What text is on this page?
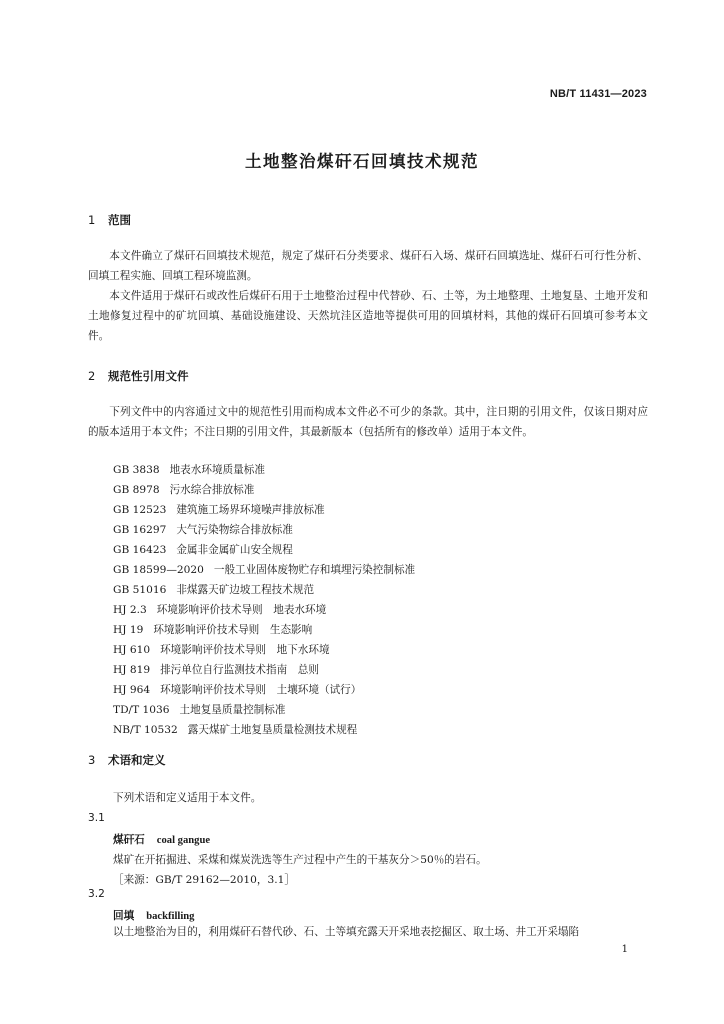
NB/T 11431—2023
土地整治煤矸石回填技术规范
1 范围

本文件确立了煤矸石回填技术规范，规定了煤矸石分类要求、煤矸石入场、煤矸石回填选址、煤矸石可行性分析、回填工程实施、回填工程环境监测。

本文件适用于煤矸石或改性后煤矸石用于土地整治过程中代替砂、石、土等，为土地整理、土地复垦、土地开发和土地修复过程中的矿坑回填、基础设施建设、天然坑洼区造地等提供可用的回填材料，其他的煤矸石回填可参考本文件。

2 规范性引用文件

下列文件中的内容通过文中的规范性引用而构成本文件必不可少的条款。其中，注日期的引用文件，仅该日期对应的版本适用于本文件；不注日期的引用文件，其最新版本（包括所有的修改单）适用于本文件。

GB 3838 地表水环境质量标准
GB 8978 污水综合排放标准
GB 12523 建筑施工场界环境噪声排放标准
GB 16297 大气污染物综合排放标准
GB 16423 金属非金属矿山安全规程
GB 18599—2020 一般工业固体废物贮存和填埋污染控制标准
GB 51016 非煤露天矿边坡工程技术规范
HJ 2.3 环境影响评价技术导则　地表水环境
HJ 19 环境影响评价技术导则　生态影响
HJ 610 环境影响评价技术导则　地下水环境
HJ 819 排污单位自行监测技术指南　总则
HJ 964 环境影响评价技术导则　土壤环境（试行）
TD/T 1036 土地复垦质量控制标准
NB/T 10532 露天煤矿土地复垦质量检测技术规程
3 术语和定义
下列术语和定义适用于本文件。
3.1
煤矸石 coal gangue
煤矿在开拓掘进、采煤和煤炭洗选等生产过程中产生的干基灰分＞50％的岩石。
［来源：GB/T 29162—2010，3.1］
3.2
回填 backfilling
以土地整治为目的，利用煤矸石替代砂、石、土等填充露天开采地表挖掘区、取土场、井工开采塌陷
1
